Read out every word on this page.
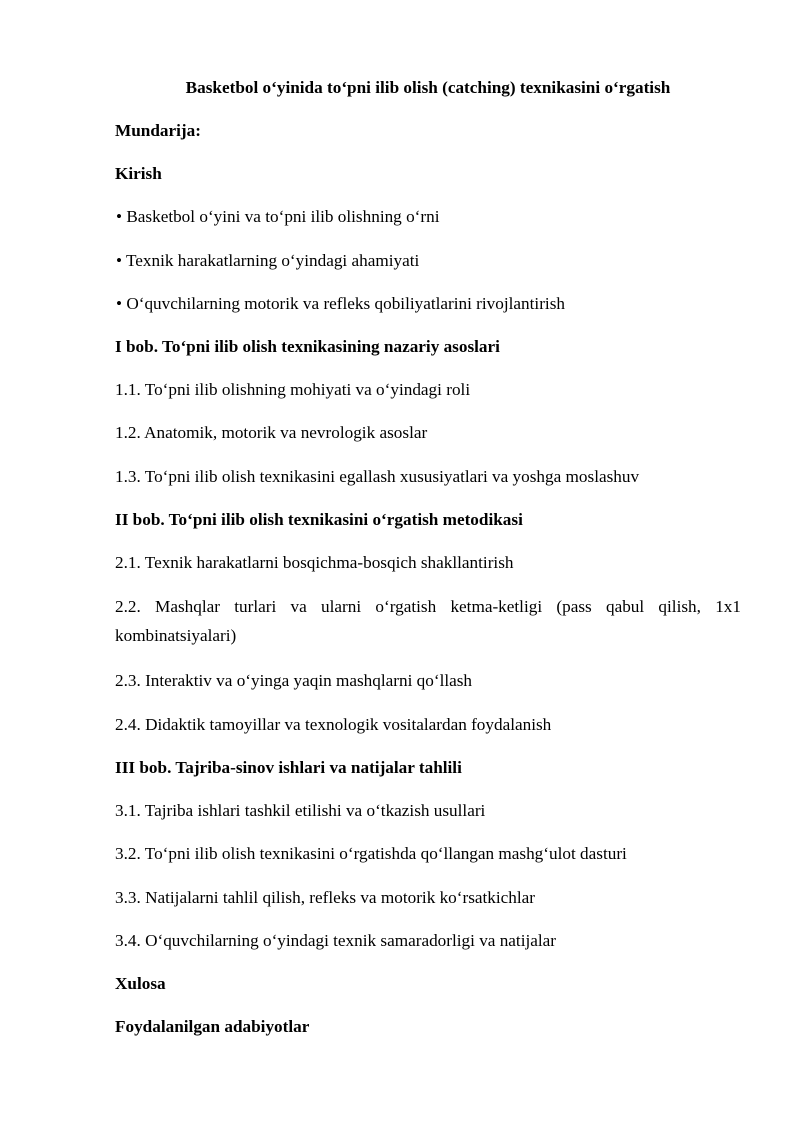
Basketbol o‘yinida to‘pni ilib olish (catching) texnikasini o‘rgatish
Mundarija:
Kirish
• Basketbol o‘yini va to‘pni ilib olishning o‘rni
• Texnik harakatlarning o‘yindagi ahamiyati
• O‘quvchilarning motorik va refleks qobiliyatlarini rivojlantirish
I bob. To‘pni ilib olish texnikasining nazariy asoslari
1.1. To‘pni ilib olishning mohiyati va o‘yindagi roli
1.2. Anatomik, motorik va nevrologik asoslar
1.3. To‘pni ilib olish texnikasini egallash xususiyatlari va yoshga moslashuv
II bob. To‘pni ilib olish texnikasini o‘rgatish metodikasi
2.1. Texnik harakatlarni bosqichma-bosqich shakllantirish
2.2. Mashqlar turlari va ularni o‘rgatish ketma-ketligi (pass qabul qilish, 1x1 kombinatsiyalari)
2.3. Interaktiv va o‘yinga yaqin mashqlarni qo‘llash
2.4. Didaktik tamoyillar va texnologik vositalardan foydalanish
III bob. Tajriba-sinov ishlari va natijalar tahlili
3.1. Tajriba ishlari tashkil etilishi va o‘tkazish usullari
3.2. To‘pni ilib olish texnikasini o‘rgatishda qo‘llangan mashg‘ulot dasturi
3.3. Natijalarni tahlil qilish, refleks va motorik ko‘rsatkichlar
3.4. O‘quvchilarning o‘yindagi texnik samaradorligi va natijalar
Xulosa
Foydalanilgan adabiyotlar
